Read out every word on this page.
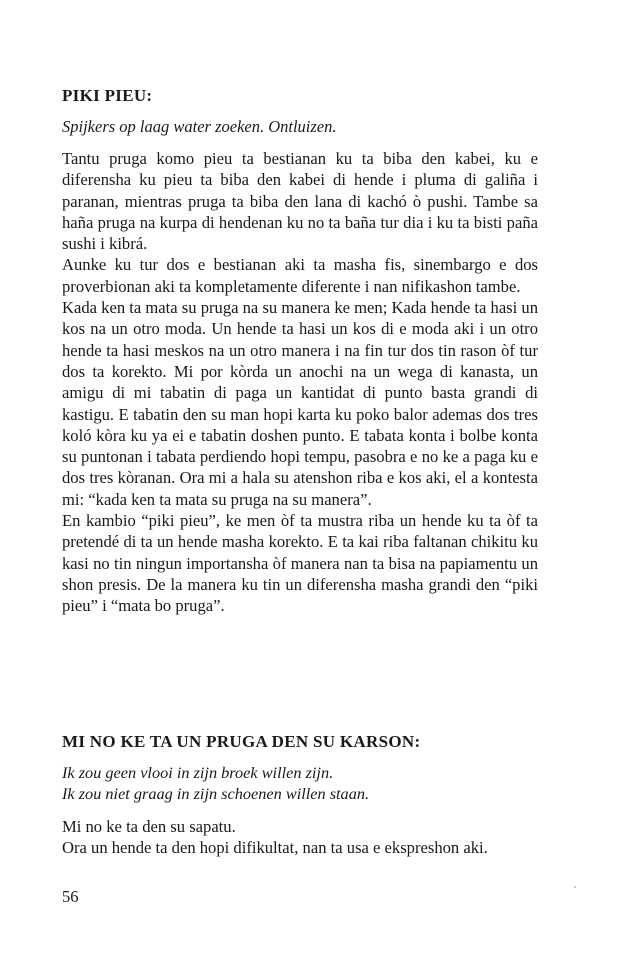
PIKI PIEU:
Spijkers op laag water zoeken. Ontluizen.

Tantu pruga komo pieu ta bestianan ku ta biba den kabei, ku e diferensha ku pieu ta biba den kabei di hende i pluma di galiña i paranan, mientras pruga ta biba den lana di kachó ò pushi. Tambe sa haña pruga na kurpa di hendenan ku no ta baña tur dia i ku ta bisti paña sushi i kibrá.

Aunke ku tur dos e bestianan aki ta masha fis, sinembargo e dos proverbionan aki ta kompletamente diferente i nan nifikashon tambe.

Kada ken ta mata su pruga na su manera ke men; Kada hende ta hasi un kos na un otro moda. Un hende ta hasi un kos di e moda aki i un otro hende ta hasi meskos na un otro manera i na fin tur dos tin rason òf tur dos ta korekto. Mi por kòrda un anochi na un wega di kanasta, un amigu di mi tabatin di paga un kantidat di punto basta grandi di kastigu. E tabatin den su man hopi karta ku poko balor ademas dos tres koló kòra ku ya ei e tabatin doshen punto. E tabata konta i bolbe konta su puntonan i tabata perdiendo hopi tempu, pasobra e no ke a paga ku e dos tres kòranan. Ora mi a hala su atenshon riba e kos aki, el a kontesta mi: “kada ken ta mata su pruga na su manera”.

En kambio “piki pieu”, ke men òf ta mustra riba un hende ku ta òf ta pretendé di ta un hende masha korekto. E ta kai riba faltanan chikitu ku kasi no tin ningun importansha òf manera nan ta bisa na papiamentu un shon presis. De la manera ku tin un diferensha masha grandi den “piki pieu” i “mata bo pruga”.

MI NO KE TA UN PRUGA DEN SU KARSON:
Ik zou geen vlooi in zijn broek willen zijn.
Ik zou niet graag in zijn schoenen willen staan.

Mi no ke ta den su sapatu.

Ora un hende ta den hopi difikultat, nan ta usa e ekspreshon aki.

56
